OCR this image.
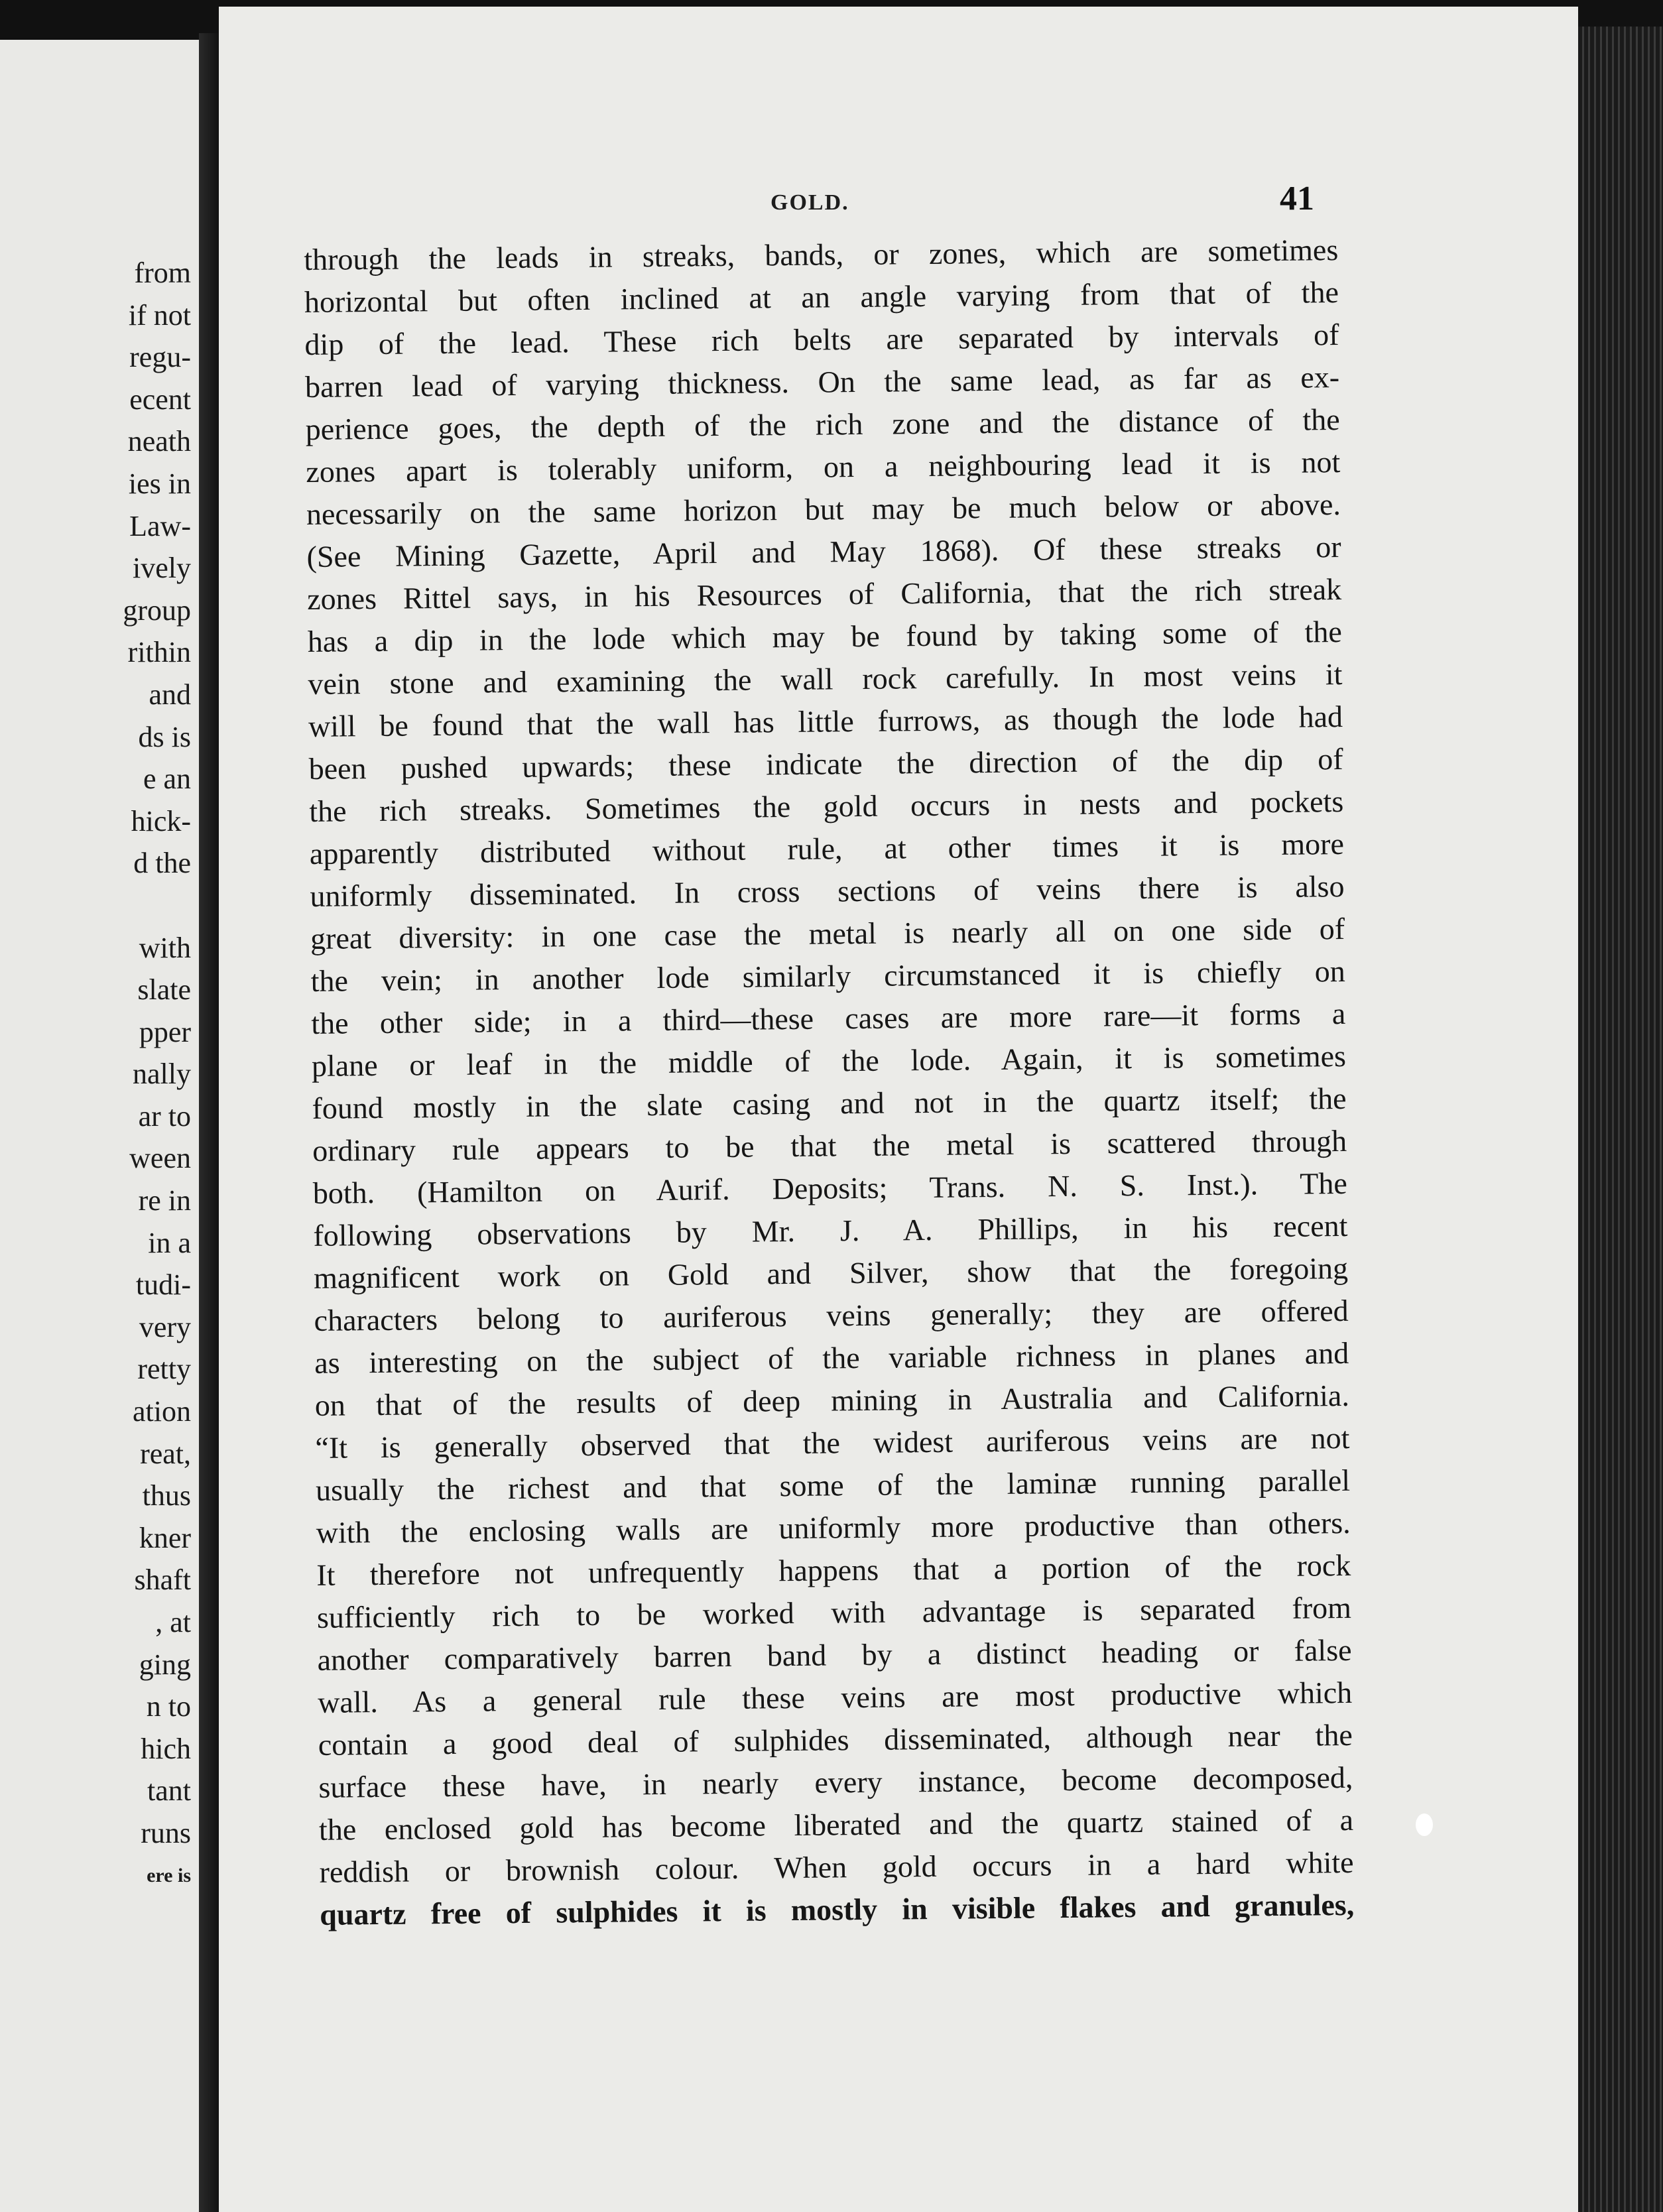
from
if not
regu-
ecent
neath
ies in
Law-
ively
group
rithin
and
ds is
e an
hick-
d the

with
slate
pper
nally
ar to
ween
re in
in a
tudi-
very
retty
ation
reat,
thus
kner
shaft
, at
ging
n to
hich
tant
runs
ere is
GOLD.	41
through the leads in streaks, bands, or zones, which are sometimes
horizontal but often inclined at an angle varying from that of the
dip of the lead. These rich belts are separated by intervals of
barren lead of varying thickness. On the same lead, as far as ex-
perience goes, the depth of the rich zone and the distance of the
zones apart is tolerably uniform, on a neighbouring lead it is not
necessarily on the same horizon but may be much below or above.
(See Mining Gazette, April and May 1868). Of these streaks or
zones Rittel says, in his Resources of California, that the rich streak
has a dip in the lode which may be found by taking some of the
vein stone and examining the wall rock carefully. In most veins it
will be found that the wall has little furrows, as though the lode had
been pushed upwards; these indicate the direction of the dip of
the rich streaks. Sometimes the gold occurs in nests and pockets
apparently distributed without rule, at other times it is more
uniformly disseminated. In cross sections of veins there is also
great diversity: in one case the metal is nearly all on one side of
the vein; in another lode similarly circumstanced it is chiefly on
the other side; in a third—these cases are more rare—it forms a
plane or leaf in the middle of the lode. Again, it is sometimes
found mostly in the slate casing and not in the quartz itself; the
ordinary rule appears to be that the metal is scattered through
both. (Hamilton on Aurif. Deposits; Trans. N. S. Inst.). The
following observations by Mr. J. A. Phillips, in his recent
magnificent work on Gold and Silver, show that the foregoing
characters belong to auriferous veins generally; they are offered
as interesting on the subject of the variable richness in planes and
on that of the results of deep mining in Australia and California.
“It is generally observed that the widest auriferous veins are not
usually the richest and that some of the laminæ running parallel
with the enclosing walls are uniformly more productive than others.
It therefore not unfrequently happens that a portion of the rock
sufficiently rich to be worked with advantage is separated from
another comparatively barren band by a distinct heading or false
wall. As a general rule these veins are most productive which
contain a good deal of sulphides disseminated, although near the
surface these have, in nearly every instance, become decomposed,
the enclosed gold has become liberated and the quartz stained of a
reddish or brownish colour. When gold occurs in a hard white
quartz free of sulphides it is mostly in visible flakes and granules,
